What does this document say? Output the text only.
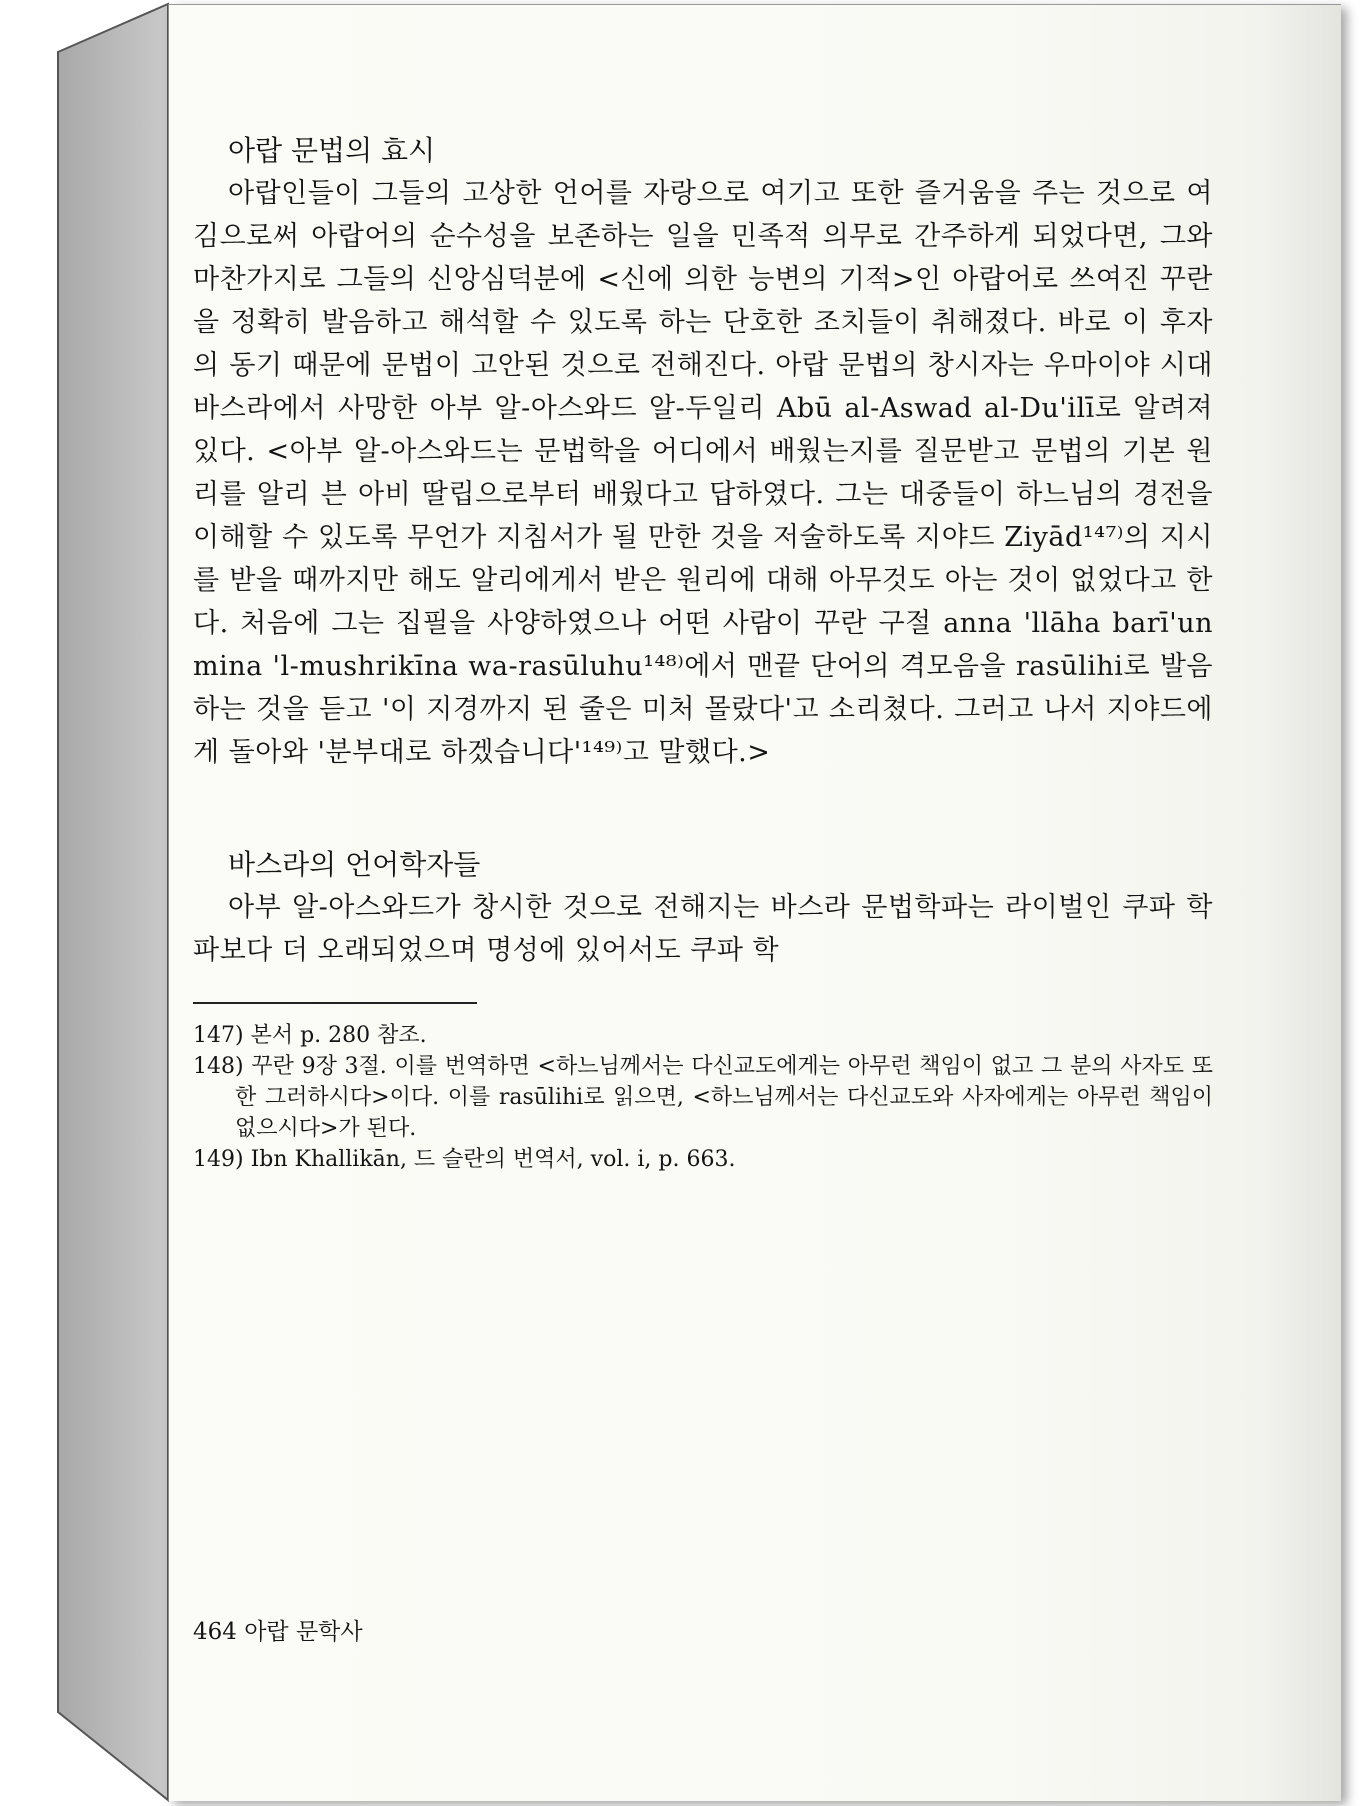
아랍 문법의 효시

아랍인들이 그들의 고상한 언어를 자랑으로 여기고 또한 즐거움을 주는 것으로 여김으로써 아랍어의 순수성을 보존하는 일을 민족적 의무로 간주하게 되었다면, 그와 마찬가지로 그들의 신앙심덕분에 <신에 의한 능변의 기적>인 아랍어로 쓰여진 꾸란을 정확히 발음하고 해석할 수 있도록 하는 단호한 조치들이 취해졌다. 바로 이 후자의 동기 때문에 문법이 고안된 것으로 전해진다. 아랍 문법의 창시자는 우마이야 시대 바스라에서 사망한 아부 알-아스와드 알-두일리 Abū al-Aswad al-Du'ilī로 알려져 있다. <아부 알-아스와드는 문법학을 어디에서 배웠는지를 질문받고 문법의 기본 원리를 알리 븐 아비 딸립으로부터 배웠다고 답하였다. 그는 대중들이 하느님의 경전을 이해할 수 있도록 무언가 지침서가 될 만한 것을 저술하도록 지야드 Ziyād¹⁴⁷⁾의 지시를 받을 때까지만 해도 알리에게서 받은 원리에 대해 아무것도 아는 것이 없었다고 한다. 처음에 그는 집필을 사양하였으나 어떤 사람이 꾸란 구절 anna 'llāha barī'un mina 'l-mushrikīna wa-rasūluhu¹⁴⁸⁾에서 맨끝 단어의 격모음을 rasūlihi로 발음하는 것을 듣고 '이 지경까지 된 줄은 미처 몰랐다'고 소리쳤다. 그러고 나서 지야드에게 돌아와 '분부대로 하겠습니다'¹⁴⁹⁾고 말했다.>

바스라의 언어학자들

아부 알-아스와드가 창시한 것으로 전해지는 바스라 문법학파는 라이벌인 쿠파 학파보다 더 오래되었으며 명성에 있어서도 쿠파 학

147) 본서 p. 280 참조.

148) 꾸란 9장 3절. 이를 번역하면 <하느님께서는 다신교도에게는 아무런 책임이 없고 그 분의 사자도 또한 그러하시다>이다. 이를 rasūlihi로 읽으면, <하느님께서는 다신교도와 사자에게는 아무런 책임이 없으시다>가 된다.

149) Ibn Khallikān, 드 슬란의 번역서, vol. i, p. 663.

464 아랍 문학사
